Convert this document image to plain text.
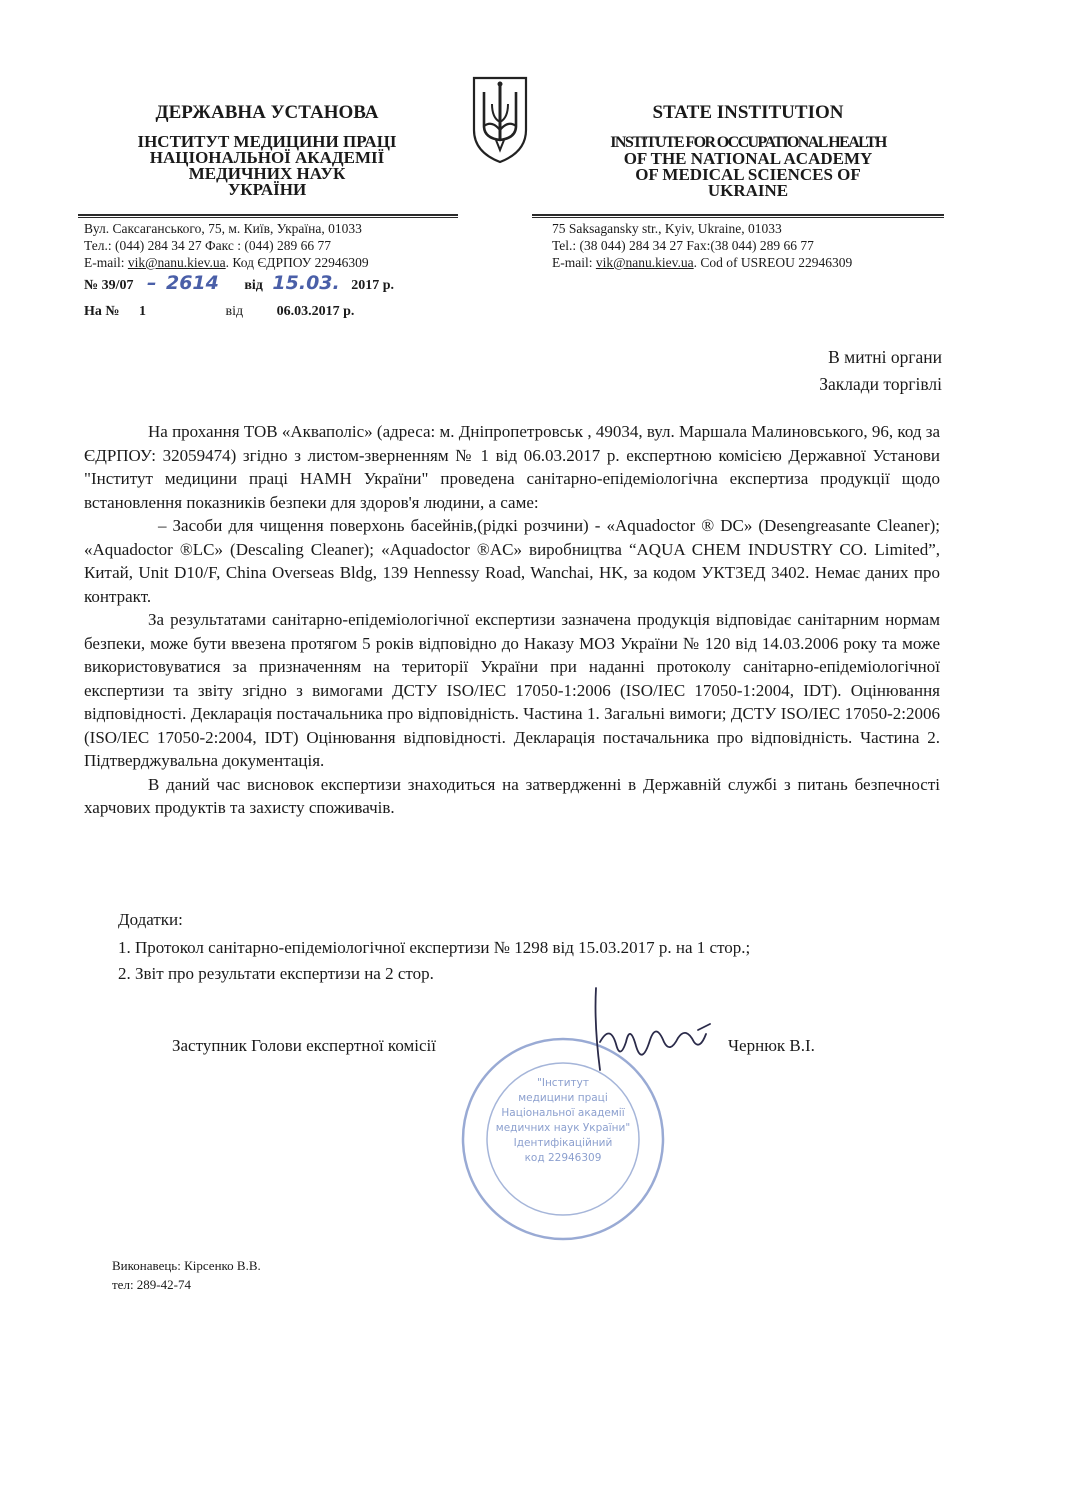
ДЕРЖАВНА УСТАНОВА
ІНСТИТУТ МЕДИЦИНИ ПРАЦІ
НАЦІОНАЛЬНОЇ АКАДЕМІЇ
МЕДИЧНИХ НАУК
УКРАЇНИ
STATE INSTITUTION
INSTITUTE FOR OCCUPATIONAL HEALTH
OF THE NATIONAL ACADEMY
OF MEDICAL SCIENCES OF
UKRAINE
Вул. Саксаганського, 75, м. Київ, Україна, 01033
Тел.: (044) 284 34 27 Факс : (044) 289 66 77
E-mail: vik@nanu.kiev.ua. Код ЄДРПОУ 22946309
75 Saksagansky str., Kyiv, Ukraine, 01033
Tel.: (38 044) 284 34 27 Fax:(38 044) 289 66 77
E-mail: vik@nanu.kiev.ua. Cod of USREOU 22946309
№ 39/07 – 2614 від 15.03. 2017 р.
На № 1	від 06.03.2017 р.
В митні органи
Заклади торгівлі

На прохання ТОВ «Акваполіс» (адреса: м. Дніпропетровськ , 49034, вул. Маршала Малиновського, 96, код за ЄДРПОУ: 32059474) згідно з листом-зверненням № 1 від 06.03.2017 р. експертною комісією Державної Установи "Інститут медицини праці НАМН України" проведена санітарно-епідеміологічна експертиза продукції щодо встановлення показників безпеки для здоров'я людини, а саме:

– Засоби для чищення поверхонь басейнів,(рідкі розчини) - «Aquadoctor ® DC» (Desengreasante Cleaner); «Aquadoctor ®LC» (Descaling Cleaner); «Aquadoctor ®AC» виробництва “AQUA CHEM INDUSTRY CO. Limited”, Китай, Unit D10/F, China Overseas Bldg, 139 Hennessy Road, Wanchai, HK, за кодом УКТЗЕД 3402. Немає даних про контракт.

За результатами санітарно-епідеміологічної експертизи зазначена продукція відповідає санітарним нормам безпеки, може бути ввезена протягом 5 років відповідно до Наказу МОЗ України № 120 від 14.03.2006 року та може використовуватися за призначенням на території України при наданні протоколу санітарно-епідеміологічної експертизи та звіту згідно з вимогами ДСТУ ISO/IEC 17050-1:2006 (ISO/IEC 17050-1:2004, IDT). Оцінювання відповідності. Декларація постачальника про відповідність. Частина 1. Загальні вимоги; ДСТУ ISO/IEC 17050-2:2006 (ISO/IEC 17050-2:2004, IDT) Оцінювання відповідності. Декларація постачальника про відповідність. Частина 2. Підтверджувальна документація.

В даний час висновок експертизи знаходиться на затвердженні в Державній службі з питань безпечності харчових продуктів та захисту споживачів.

Додатки:
1. Протокол санітарно-епідеміологічної експертизи № 1298 від 15.03.2017 р. на 1 стор.;
2. Звіт про результати експертизи на 2 стор.
"Інститут
медицини праці
Національної академії
медичних наук України"
Ідентифікаційний
код 22946309
Заступник Голови експертної комісії	Чернюк В.І.
Виконавець: Кірсенко В.В.
тел: 289-42-74
